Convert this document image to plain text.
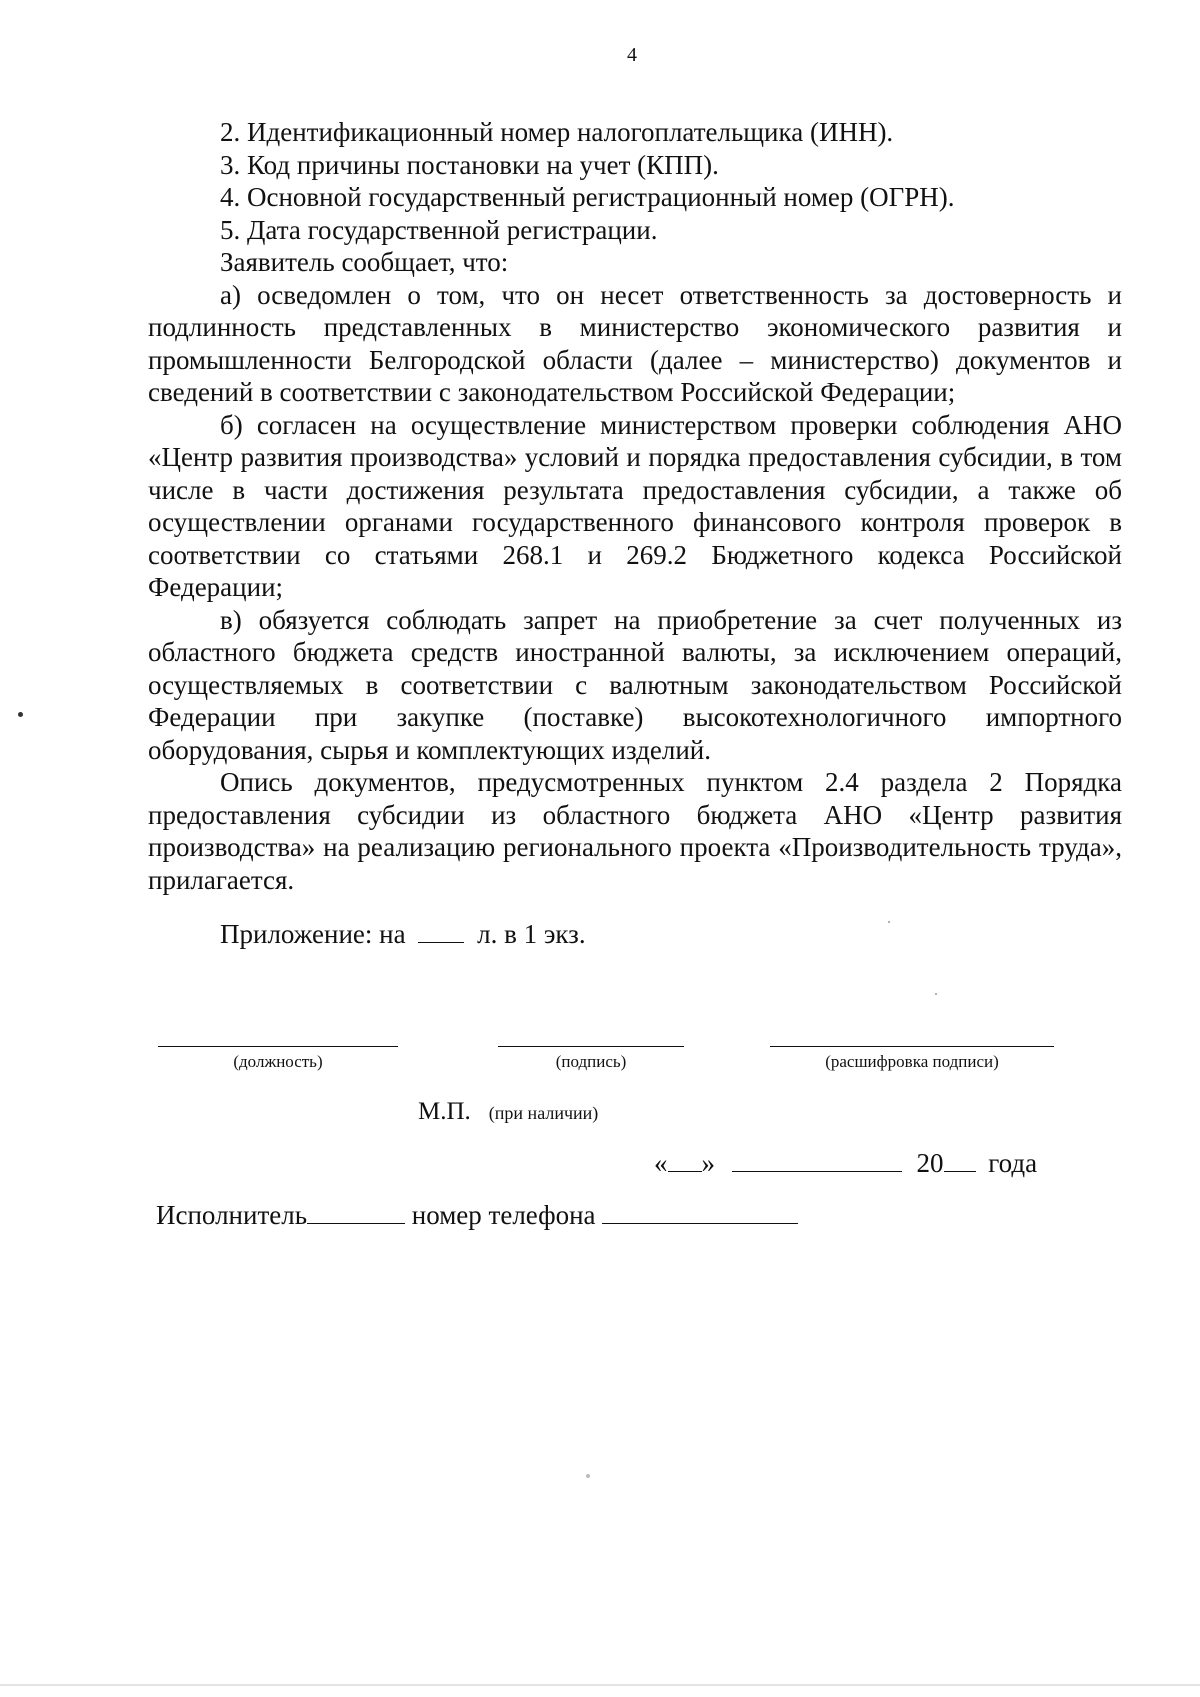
4

2. Идентификационный номер налогоплательщика (ИНН).

3. Код причины постановки на учет (КПП).

4. Основной государственный регистрационный номер (ОГРН).

5. Дата государственной регистрации.

Заявитель сообщает, что:

а) осведомлен о том, что он несет ответственность за достоверность и подлинность представленных в министерство экономического развития и промышленности Белгородской области (далее – министерство) документов и сведений в соответствии с законодательством Российской Федерации;

б) согласен на осуществление министерством проверки соблюдения АНО «Центр развития производства» условий и порядка предоставления субсидии, в том числе в части достижения результата предоставления субсидии, а также об осуществлении органами государственного финансового контроля проверок в соответствии со статьями 268.1 и 269.2 Бюджетного кодекса Российской Федерации;

в) обязуется соблюдать запрет на приобретение за счет полученных из областного бюджета средств иностранной валюты, за исключением операций, осуществляемых в соответствии с валютным законодательством Российской Федерации при закупке (поставке) высокотехнологичного импортного оборудования, сырья и комплектующих изделий.

Опись документов, предусмотренных пунктом 2.4 раздела 2 Порядка предоставления субсидии из областного бюджета АНО «Центр развития производства» на реализацию регионального проекта «Производительность труда», прилагается.

Приложение: на	л. в 1 экз.
(должность)	(подпись)	(расшифровка подписи)
М.П. (при наличии)
« »	20 года
Исполнитель	номер телефона
